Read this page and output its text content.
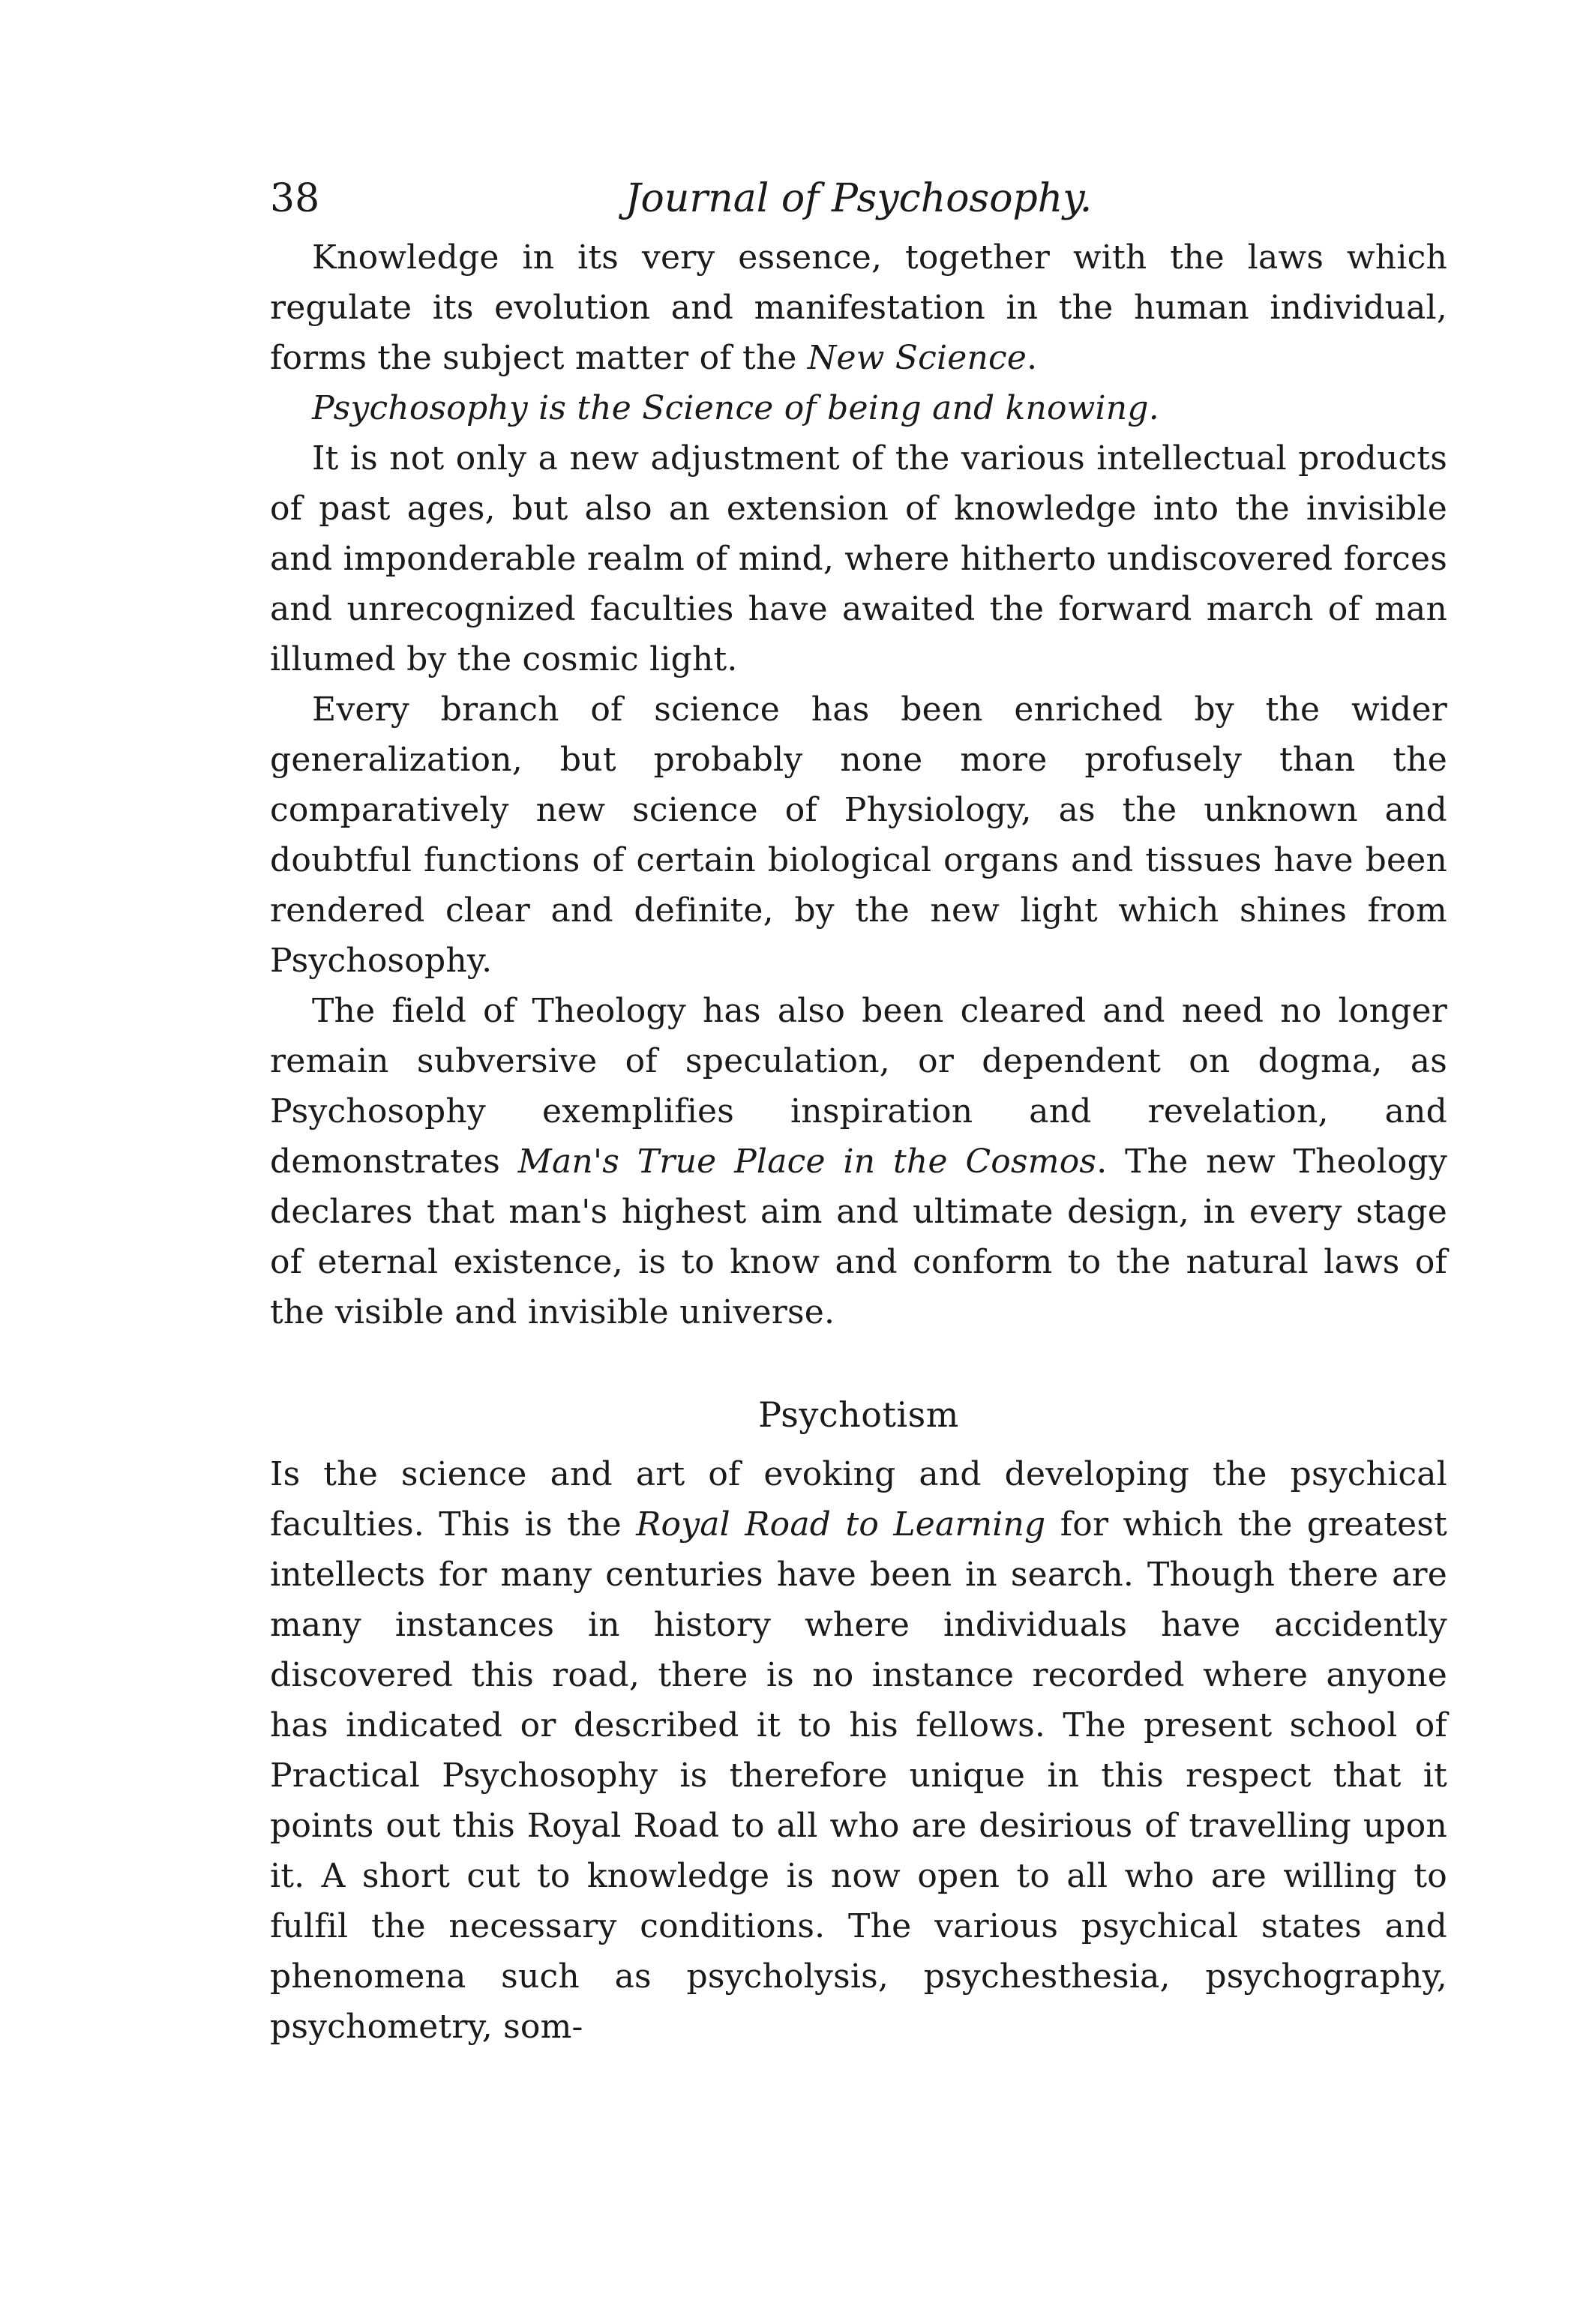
38	Journal of Psychosophy.

Knowledge in its very essence, together with the laws which regulate its evolution and manifestation in the human individual, forms the subject matter of the New Science.

Psychosophy is the Science of being and knowing.

It is not only a new adjustment of the various intellectual products of past ages, but also an extension of knowledge into the invisible and imponderable realm of mind, where hitherto undiscovered forces and unrecognized faculties have awaited the forward march of man illumed by the cosmic light.

Every branch of science has been enriched by the wider generalization, but probably none more profusely than the comparatively new science of Physiology, as the unknown and doubtful functions of certain biological organs and tissues have been rendered clear and definite, by the new light which shines from Psychosophy.

The field of Theology has also been cleared and need no longer remain subversive of speculation, or dependent on dogma, as Psychosophy exemplifies inspiration and revelation, and demonstrates Man's True Place in the Cosmos. The new Theology declares that man's highest aim and ultimate design, in every stage of eternal existence, is to know and conform to the natural laws of the visible and invisible universe.

Psychotism

Is the science and art of evoking and developing the psychical faculties. This is the Royal Road to Learning for which the greatest intellects for many centuries have been in search. Though there are many instances in history where individuals have accidently discovered this road, there is no instance recorded where anyone has indicated or described it to his fellows. The present school of Practical Psychosophy is therefore unique in this respect that it points out this Royal Road to all who are desirious of travelling upon it. A short cut to knowledge is now open to all who are willing to fulfil the necessary conditions. The various psychical states and phenomena such as psycholysis, psychesthesia, psychography, psychometry, som-
